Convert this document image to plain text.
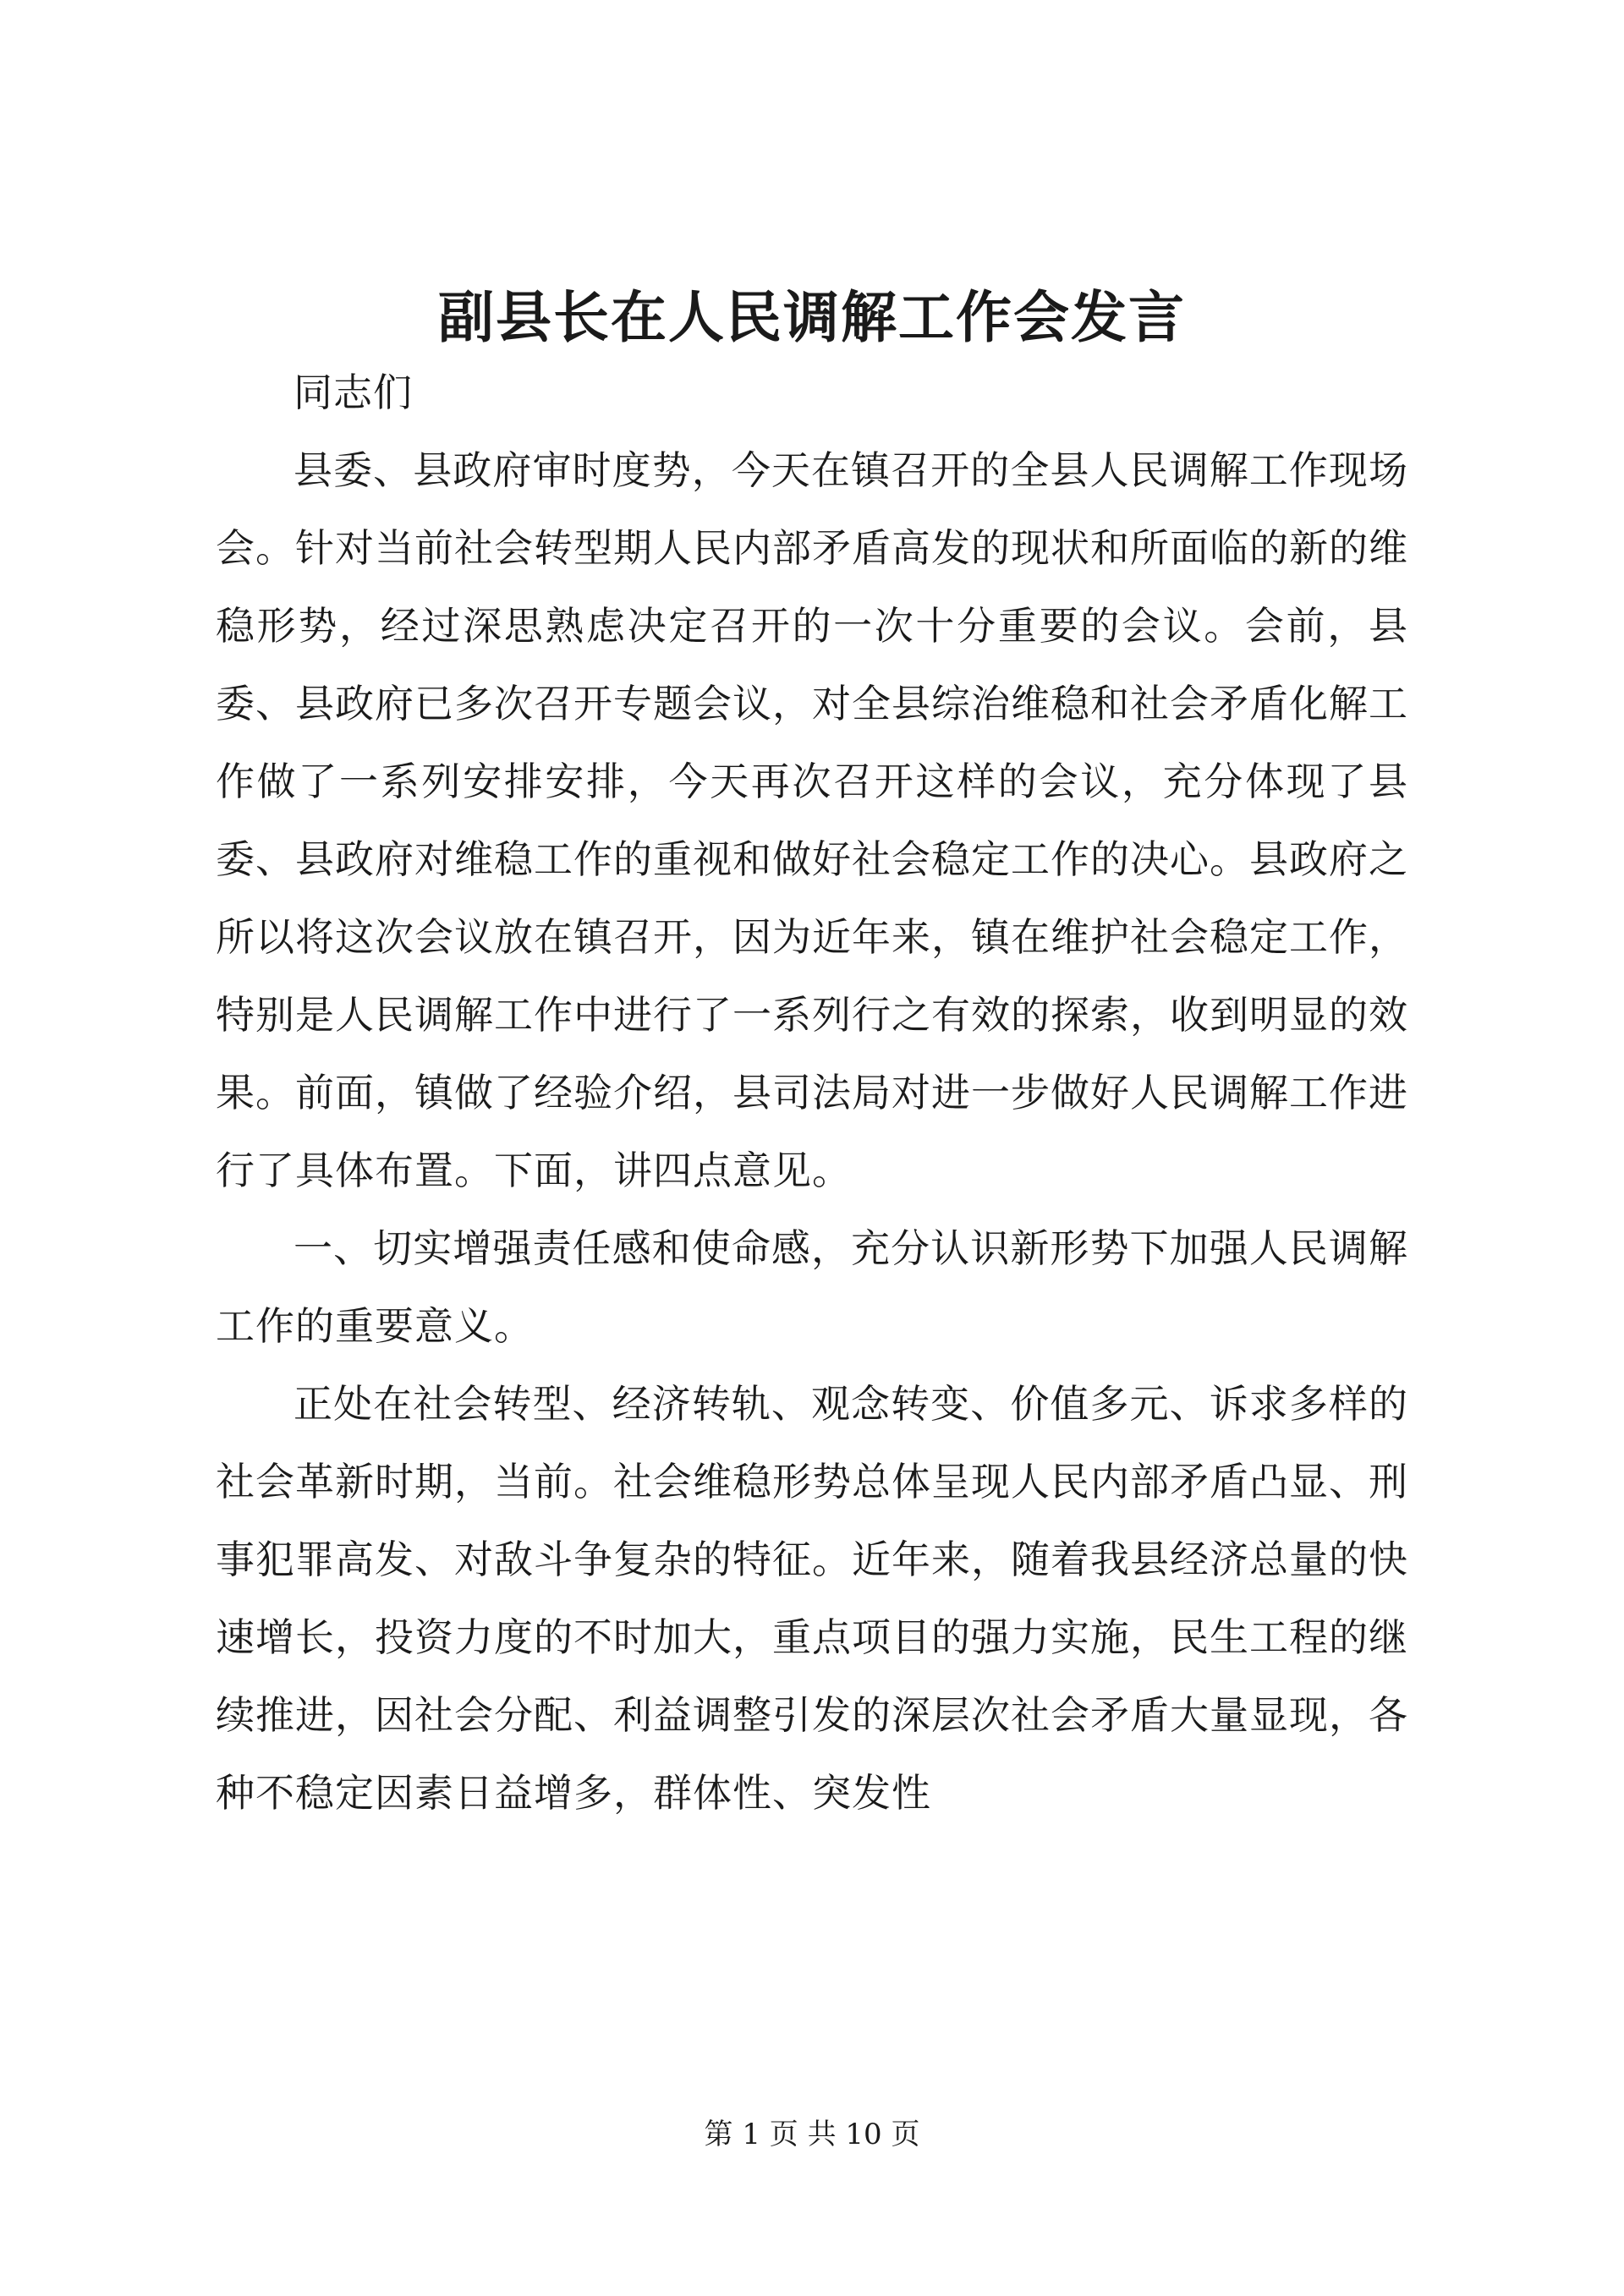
副县长在人民调解工作会发言

同志们

县委、县政府审时度势，今天在镇召开的全县人民调解工作现场会。针对当前社会转型期人民内部矛盾高发的现状和所面临的新的维稳形势，经过深思熟虑决定召开的一次十分重要的会议。会前，县委、县政府已多次召开专题会议，对全县综治维稳和社会矛盾化解工作做了一系列安排安排，今天再次召开这样的会议，充分体现了县委、县政府对维稳工作的重视和做好社会稳定工作的决心。县政府之所以将这次会议放在镇召开，因为近年来，镇在维护社会稳定工作，特别是人民调解工作中进行了一系列行之有效的探索，收到明显的效果。前面，镇做了经验介绍，县司法局对进一步做好人民调解工作进行了具体布置。下面，讲四点意见。

一、切实增强责任感和使命感，充分认识新形势下加强人民调解工作的重要意义。

正处在社会转型、经济转轨、观念转变、价值多元、诉求多样的社会革新时期，当前。社会维稳形势总体呈现人民内部矛盾凸显、刑事犯罪高发、对敌斗争复杂的特征。近年来，随着我县经济总量的快速增长，投资力度的不时加大，重点项目的强力实施，民生工程的继续推进，因社会分配、利益调整引发的深层次社会矛盾大量显现，各种不稳定因素日益增多，群体性、突发性

第 1 页 共 10 页
